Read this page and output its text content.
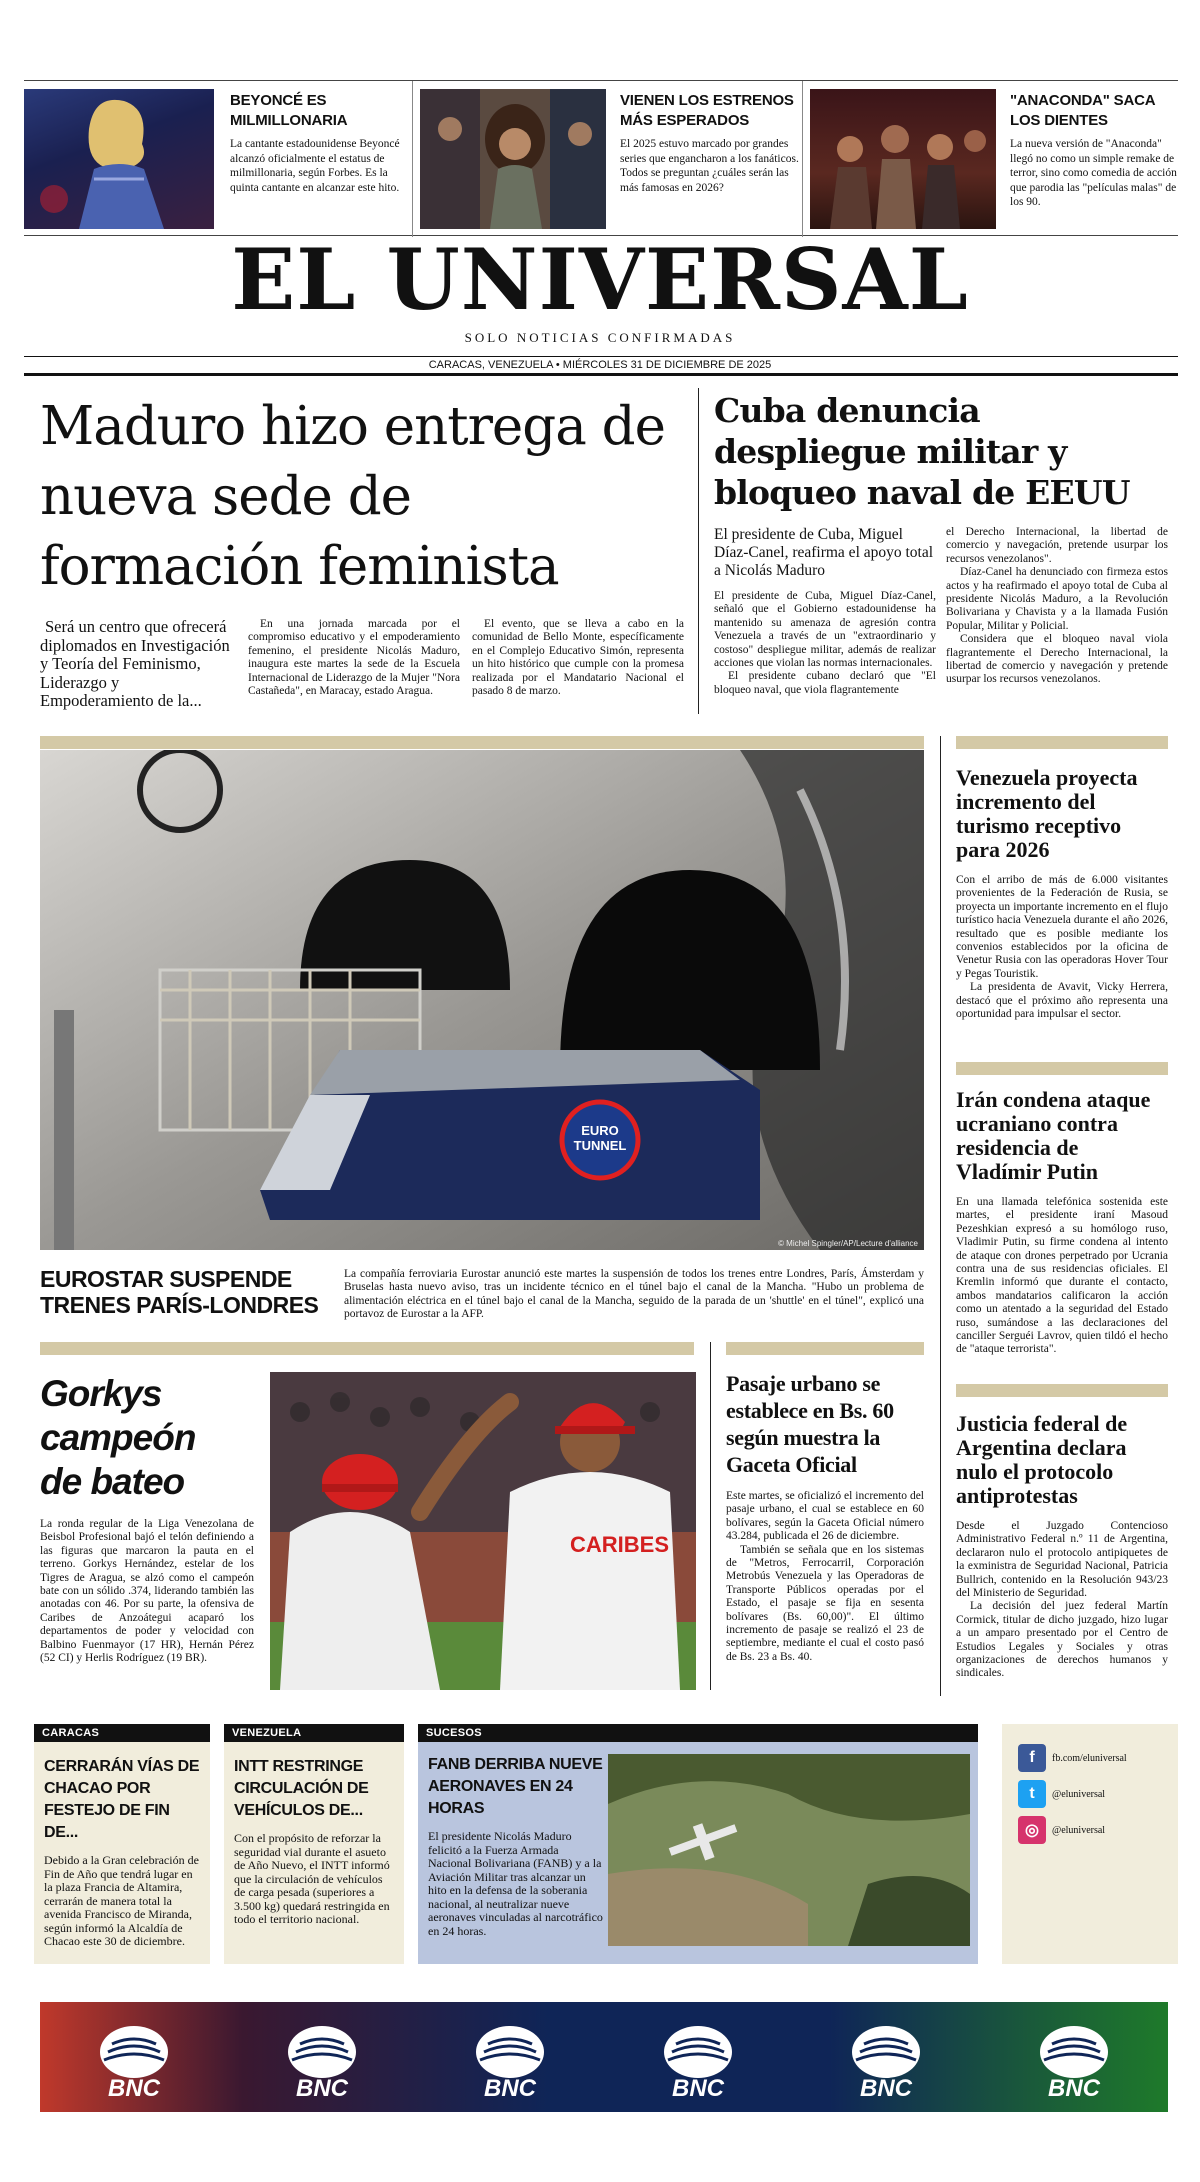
BEYONCÉ ES MILMILLONARIA
La cantante estadounidense Beyoncé alcanzó oficialmente el estatus de milmillonaria, según Forbes. Es la quinta cantante en alcanzar este hito.
VIENEN LOS ESTRENOS MÁS ESPERADOS
El 2025 estuvo marcado por grandes series que engancharon a los fanáticos. Todos se preguntan ¿cuáles serán las más famosas en 2026?
"ANACONDA" SACA LOS DIENTES
La nueva versión de "Anaconda" llegó no como un simple remake de terror, sino como comedia de acción que parodia las "películas malas" de los 90.
EL UNIVERSAL
SOLO NOTICIAS CONFIRMADAS
CARACAS, VENEZUELA • MIÉRCOLES 31 DE DICIEMBRE DE 2025
Maduro hizo entrega de nueva sede de formación feminista
Será un centro que ofrecerá diplomados en Investigación y Teoría del Feminismo, Liderazgo y Empoderamiento de la...

En una jornada marcada por el compromiso educativo y el empoderamiento femenino, el presidente Nicolás Maduro, inaugura este martes la sede de la Escuela Internacional de Liderazgo de la Mujer "Nora Castañeda", en Maracay, estado Aragua.

El evento, que se lleva a cabo en la comunidad de Bello Monte, específicamente en el Complejo Educativo Simón, representa un hito histórico que cumple con la promesa realizada por el Mandatario Nacional el pasado 8 de marzo.

Cuba denuncia despliegue militar y bloqueo naval de EEUU
El presidente de Cuba, Miguel Díaz-Canel, reafirma el apoyo total a Nicolás Maduro

El presidente de Cuba, Miguel Díaz-Canel, señaló que el Gobierno estadounidense ha mantenido su amenaza de agresión contra Venezuela a través de un "extraordinario y costoso" despliegue militar, además de realizar acciones que violan las normas internacionales.

El presidente cubano declaró que "El bloqueo naval, que viola flagrantemente

el Derecho Internacional, la libertad de comercio y navegación, pretende usurpar los recursos venezolanos".

Díaz-Canel ha denunciado con firmeza estos actos y ha reafirmado el apoyo total de Cuba al presidente Nicolás Maduro, a la Revolución Bolivariana y Chavista y a la llamada Fusión Popular, Militar y Policial.

Considera que el bloqueo naval viola flagrantemente el Derecho Internacional, la libertad de comercio y navegación y pretende usurpar los recursos venezolanos.

EURO
TUNNEL
© Michel Spingler/AP/Lecture d'alliance
EUROSTAR SUSPENDE TRENES PARÍS-LONDRES

La compañía ferroviaria Eurostar anunció este martes la suspensión de todos los trenes entre Londres, París, Ámsterdam y Bruselas hasta nuevo aviso, tras un incidente técnico en el túnel bajo el canal de la Mancha. "Hubo un problema de alimentación eléctrica en el túnel bajo el canal de la Mancha, seguido de la parada de un 'shuttle' en el túnel", explicó una portavoz de Eurostar a la AFP.

Venezuela proyecta incremento del turismo receptivo para 2026

Con el arribo de más de 6.000 visitantes provenientes de la Federación de Rusia, se proyecta un importante incremento en el flujo turístico hacia Venezuela durante el año 2026, resultado que es posible mediante los convenios establecidos por la oficina de Venetur Rusia con las operadoras Hover Tour y Pegas Touristik.

La presidenta de Avavit, Vicky Herrera, destacó que el próximo año representa una oportunidad para impulsar el sector.

Irán condena ataque ucraniano contra residencia de Vladímir Putin

En una llamada telefónica sostenida este martes, el presidente iraní Masoud Pezeshkian expresó a su homólogo ruso, Vladimir Putin, su firme condena al intento de ataque con drones perpetrado por Ucrania contra una de sus residencias oficiales. El Kremlin informó que durante el contacto, ambos mandatarios calificaron la acción como un atentado a la seguridad del Estado ruso, sumándose a las declaraciones del canciller Serguéi Lavrov, quien tildó el hecho de "ataque terrorista".

Justicia federal de Argentina declara nulo el protocolo antiprotestas

Desde el Juzgado Contencioso Administrativo Federal n.º 11 de Argentina, declararon nulo el protocolo antipiquetes de la exministra de Seguridad Nacional, Patricia Bullrich, contenido en la Resolución 943/23 del Ministerio de Seguridad.

La decisión del juez federal Martín Cormick, titular de dicho juzgado, hizo lugar a un amparo presentado por el Centro de Estudios Legales y Sociales y otras organizaciones de derechos humanos y sindicales.

Gorkys campeón de bateo

La ronda regular de la Liga Venezolana de Beisbol Profesional bajó el telón definiendo a las figuras que marcaron la pauta en el terreno. Gorkys Hernández, estelar de los Tigres de Aragua, se alzó como el campeón bate con un sólido .374, liderando también las anotadas con 46. Por su parte, la ofensiva de Caribes de Anzoátegui acaparó los departamentos de poder y velocidad con Balbino Fuenmayor (17 HR), Hernán Pérez (52 CI) y Herlis Rodríguez (19 BR).

CARIBES
Pasaje urbano se establece en Bs. 60 según muestra la Gaceta Oficial

Este martes, se oficializó el incremento del pasaje urbano, el cual se establece en 60 bolívares, según la Gaceta Oficial número 43.284, publicada el 26 de diciembre.

También se señala que en los sistemas de "Metros, Ferrocarril, Corporación Metrobús Venezuela y las Operadoras de Transporte Públicos operadas por el Estado, el pasaje se fija en sesenta bolívares (Bs. 60,00)". El último incremento de pasaje se realizó el 23 de septiembre, mediante el cual el costo pasó de Bs. 23 a Bs. 40.

CARACAS
CERRARÁN VÍAS DE CHACAO POR FESTEJO DE FIN DE...
Debido a la Gran celebración de Fin de Año que tendrá lugar en la plaza Francia de Altamira, cerrarán de manera total la avenida Francisco de Miranda, según informó la Alcaldía de Chacao este 30 de diciembre.
VENEZUELA
INTT RESTRINGE CIRCULACIÓN DE VEHÍCULOS DE...
Con el propósito de reforzar la seguridad vial durante el asueto de Año Nuevo, el INTT informó que la circulación de vehículos de carga pesada (superiores a 3.500 kg) quedará restringida en todo el territorio nacional.
SUCESOS
FANB DERRIBA NUEVE AERONAVES EN 24 HORAS
El presidente Nicolás Maduro felicitó a la Fuerza Armada Nacional Bolivariana (FANB) y a la Aviación Militar tras alcanzar un hito en la defensa de la soberania nacional, al neutralizar nueve aeronaves vinculadas al narcotráfico en 24 horas.
f	fb.com/eluniversal
t	@eluniversal
◎	@eluniversal
BNC	BNC	BNC	BNC	BNC	BNC
